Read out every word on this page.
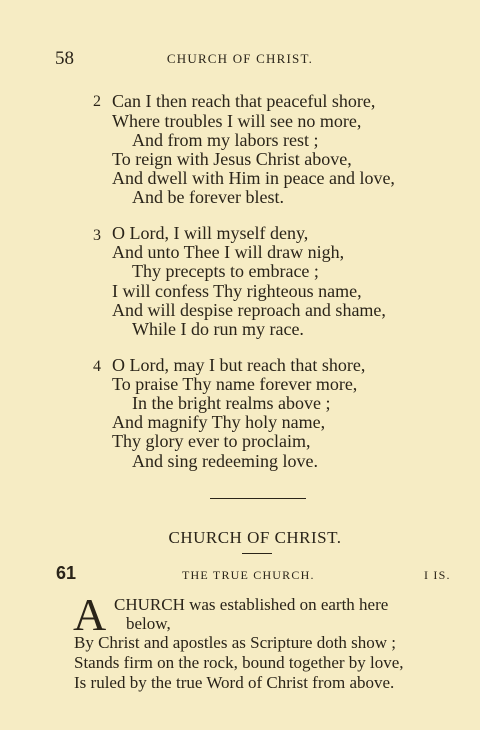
58	CHURCH OF CHRIST.
2 Can I then reach that peaceful shore,
Where troubles I will see no more,
And from my labors rest ;
To reign with Jesus Christ above,
And dwell with Him in peace and love,
And be forever blest.
3 O Lord, I will myself deny,
And unto Thee I will draw nigh,
Thy precepts to embrace ;
I will confess Thy righteous name,
And will despise reproach and shame,
While I do run my race.
4 O Lord, may I but reach that shore,
To praise Thy name forever more,
In the bright realms above ;
And magnify Thy holy name,
Thy glory ever to proclaim,
And sing redeeming love.
CHURCH OF CHRIST.
61	THE TRUE CHURCH.	I IS.
A CHURCH was established on earth here
below,
By Christ and apostles as Scripture doth show ;
Stands firm on the rock, bound together by love,
Is ruled by the true Word of Christ from above.
